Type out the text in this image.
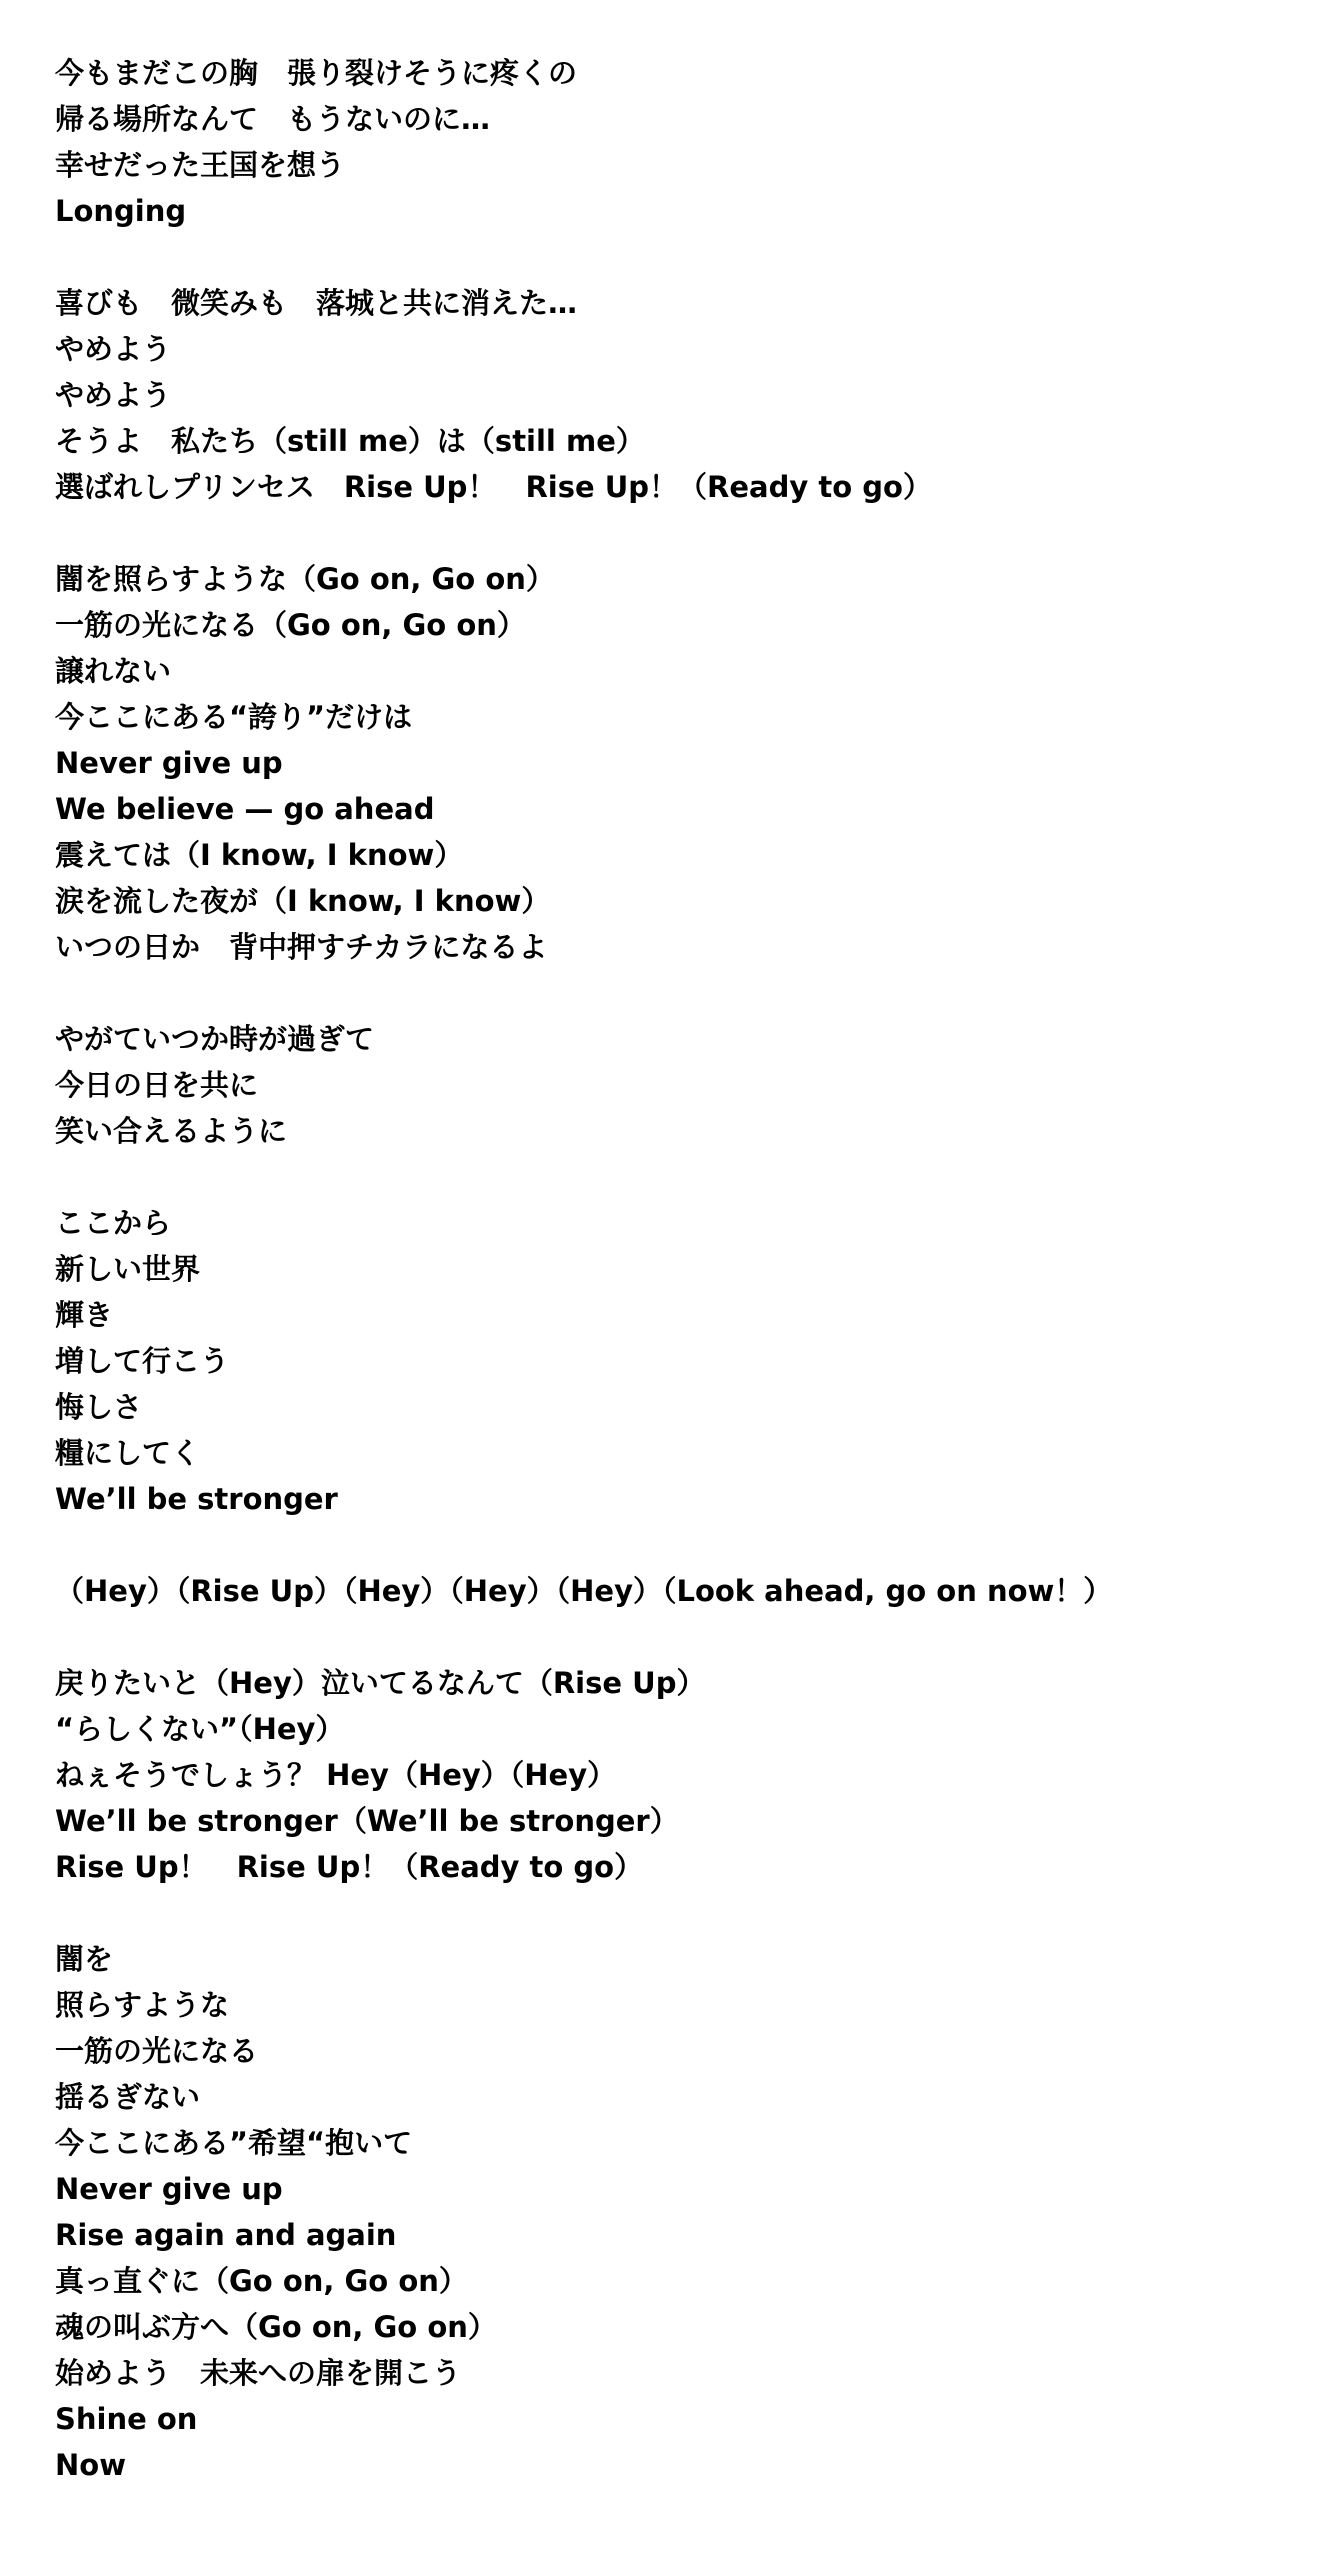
今もまだこの胸　張り裂けそうに疼くの

帰る場所なんて　もうないのに…

幸せだった王国を想う

Longing

喜びも　微笑みも　落城と共に消えた…

やめよう

やめよう

そうよ　私たち（still me）は（still me）

選ばれしプリンセス　Rise Up！　Rise Up！（Ready to go）

闇を照らすような（Go on, Go on）

一筋の光になる（Go on, Go on）

譲れない

今ここにある“誇り”だけは

Never give up

We believe — go ahead

震えては（I know, I know）

涙を流した夜が（I know, I know）

いつの日か　背中押すチカラになるよ

やがていつか時が過ぎて

今日の日を共に

笑い合えるように

ここから

新しい世界

輝き

増して行こう

悔しさ

糧にしてく

We’ll be stronger

（Hey）（Rise Up）（Hey）（Hey）（Hey）（Look ahead, go on now！）

戻りたいと（Hey）泣いてるなんて（Rise Up）

“らしくない”（Hey）

ねぇそうでしょう？ Hey（Hey）（Hey）

We’ll be stronger（We’ll be stronger）

Rise Up！　Rise Up！（Ready to go）

闇を

照らすような

一筋の光になる

揺るぎない

今ここにある”希望“抱いて

Never give up

Rise again and again

真っ直ぐに（Go on, Go on）

魂の叫ぶ方へ（Go on, Go on）

始めよう　未来への扉を開こう

Shine on

Now
